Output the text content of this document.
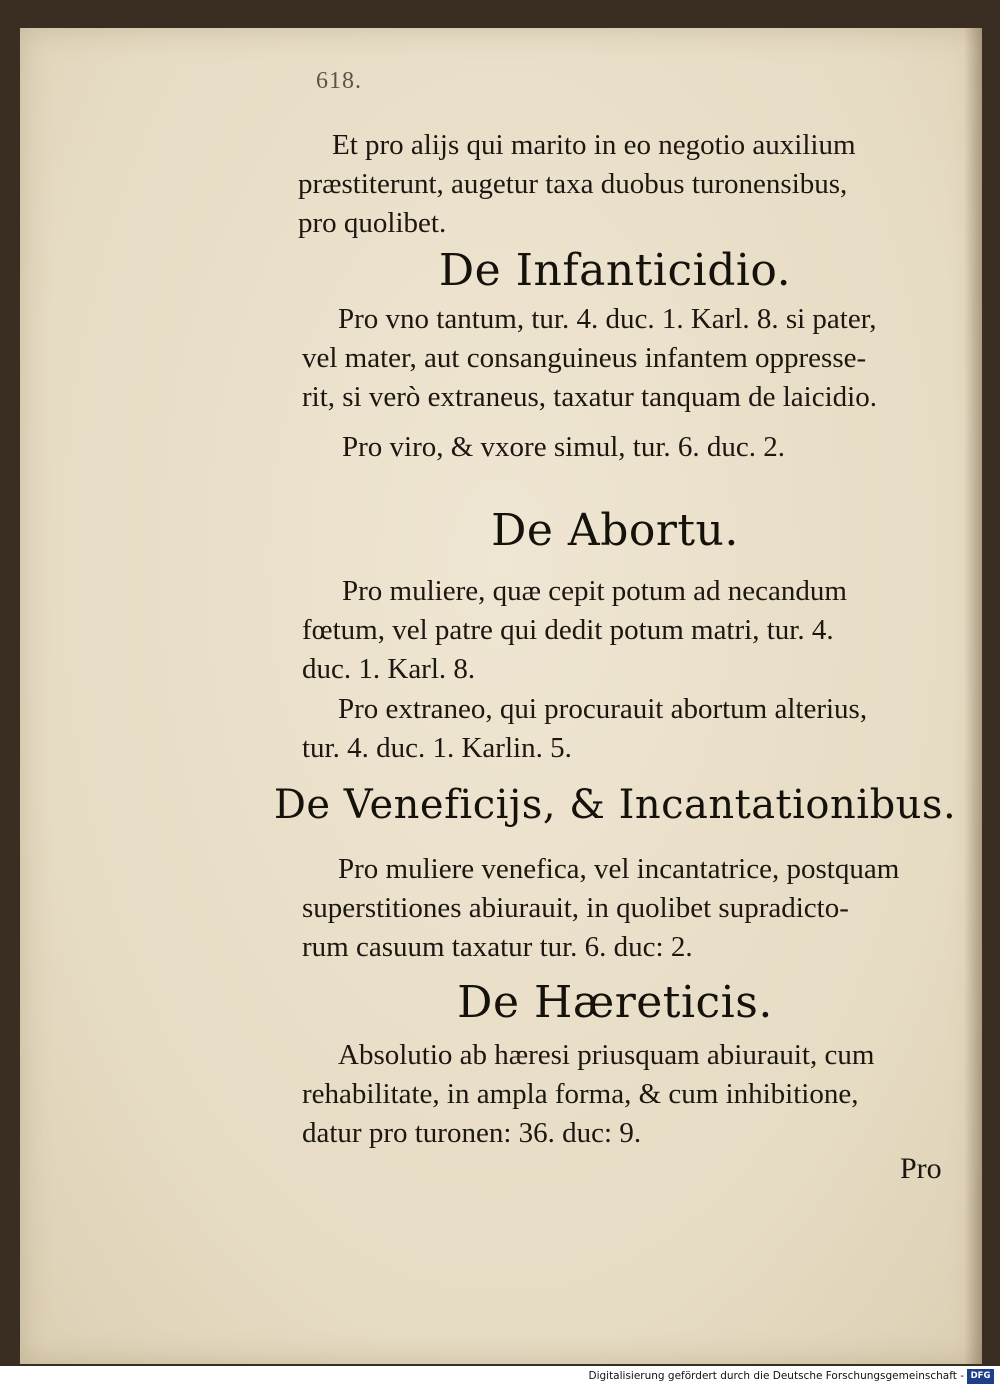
618.
Et pro alijs qui marito in eo negotio auxilium
præstiterunt, augetur taxa duobus turonensibus,
pro quolibet.
De Infanticidio.
Pro vno tantum, tur. 4. duc. 1. Karl. 8. si pater,
vel mater, aut consanguineus infantem oppresse-
rit, si verò extraneus, taxatur tanquam de laicidio.
Pro viro, & vxore simul, tur. 6. duc. 2.
De Abortu.
Pro muliere, quæ cepit potum ad necandum
fœtum, vel patre qui dedit potum matri, tur. 4.
duc. 1. Karl. 8.
Pro extraneo, qui procurauit abortum alterius,
tur. 4. duc. 1. Karlin. 5.
De Veneficijs, & Incantationibus.
Pro muliere venefica, vel incantatrice, postquam
superstitiones abiurauit, in quolibet supradicto-
rum casuum taxatur tur. 6. duc: 2.
De Hæreticis.
Absolutio ab hæresi priusquam abiurauit, cum
rehabilitate, in ampla forma, & cum inhibitione,
datur pro turonen: 36. duc: 9.
Pro
Digitalisierung gefördert durch die Deutsche Forschungsgemeinschaft - DFG
